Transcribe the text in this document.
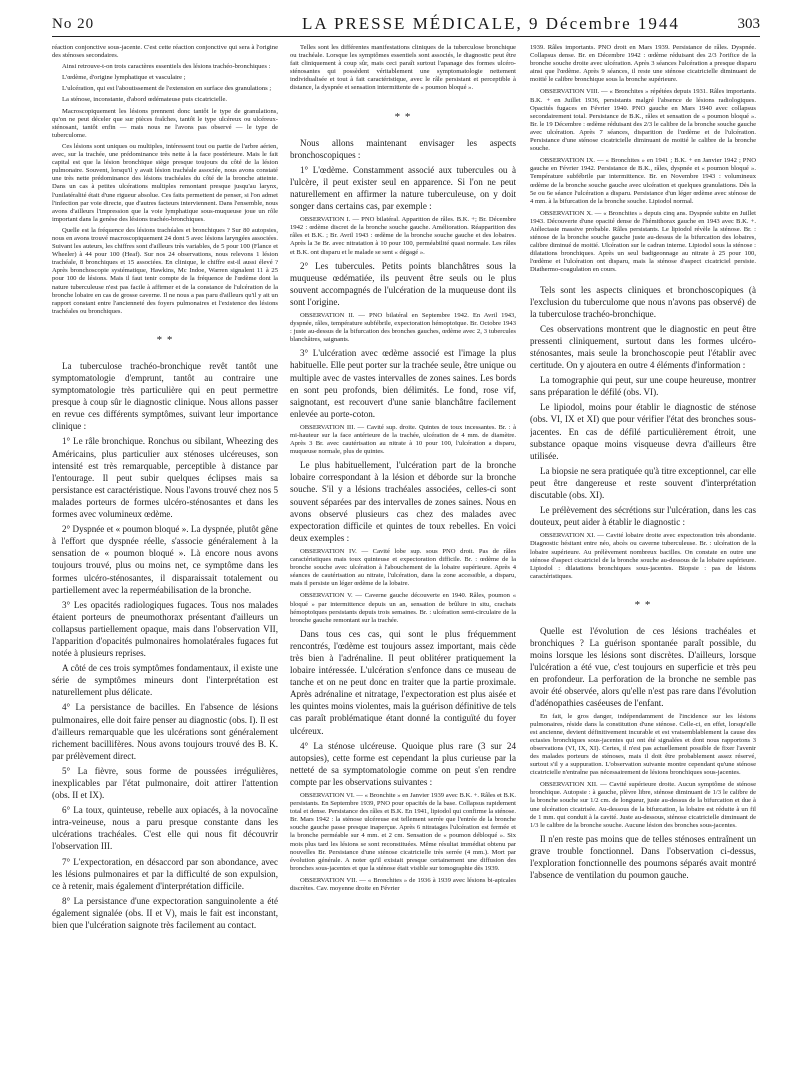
No 20	LA PRESSE MÉDICALE, 9 Décembre 1944	303

réaction conjonctive sous-jacente. C'est cette réaction conjonctive qui sera à l'origine des sténoses secondaires.

Ainsi retrouve-t-on trois caractères essentiels des lésions trachéo-bronchiques :

L'œdème, d'origine lymphatique et vasculaire ;

L'ulcération, qui est l'aboutissement de l'extension en surface des granulations ;

La sténose, inconstante, d'abord œdémateuse puis cicatricielle.

Macroscopiquement les lésions prennent donc tantôt le type de granulations, qu'on ne peut déceler que sur pièces fraîches, tantôt le type ulcéreux ou ulcéreux-sténosant, tantôt enfin — mais nous ne l'avons pas observé — le type de tuberculome.

Ces lésions sont uniques ou multiples, intéressent tout ou partie de l'arbre aérien, avec, sur la trachée, une prédominance très nette à la face postérieure. Mais le fait capital est que la lésion bronchique siège presque toujours du côté de la lésion pulmonaire. Souvent, lorsqu'il y avait lésion trachéale associée, nous avons constaté une très nette prédominance des lésions trachéales du côté de la bronche atteinte. Dans un cas à petites ulcérations multiples remontant presque jusqu'au larynx, l'unilatéralité était d'une rigueur absolue. Ces faits permettent de penser, si l'on admet l'infection par voie directe, que d'autres facteurs interviennent. Dans l'ensemble, nous avons d'ailleurs l'impression que la voie lymphatique sous-muqueuse joue un rôle important dans la genèse des lésions trachéo-bronchiques.

Quelle est la fréquence des lésions trachéales et bronchiques ? Sur 80 autopsies, nous en avons trouvé macroscopiquement 24 dont 5 avec lésions laryngées associées. Suivant les auteurs, les chiffres sont d'ailleurs très variables, de 5 pour 100 (Flance et Wheeler) à 44 pour 100 (Heaf). Sur nos 24 observations, nous relevons 1 lésion trachéale, 8 bronchiques et 15 associées. En clinique, le chiffre est-il aussi élevé ? Après bronchoscopie systématique, Hawkins, Mc Indoe, Warren signalent 11 à 25 pour 100 de lésions. Mais il faut tenir compte de la fréquence de l'œdème dont la nature tuberculeuse n'est pas facile à affirmer et de la constance de l'ulcération de la bronche lobaire en cas de grosse caverne. Il ne nous a pas paru d'ailleurs qu'il y ait un rapport constant entre l'ancienneté des foyers pulmonaires et l'existence des lésions trachéales ou bronchiques.

* *

La tuberculose trachéo-bronchique revêt tantôt une symptomatologie d'emprunt, tantôt au contraire une symptomatologie très particulière qui en peut permettre presque à coup sûr le diagnostic clinique. Nous allons passer en revue ces différents symptômes, suivant leur importance clinique :

1° Le râle bronchique. Ronchus ou sibilant, Wheezing des Américains, plus particulier aux sténoses ulcéreuses, son intensité est très remarquable, perceptible à distance par l'entourage. Il peut subir quelques éclipses mais sa persistance est caractéristique. Nous l'avons trouvé chez nos 5 malades porteurs de formes ulcéro-sténosantes et dans les formes avec volumineux œdème.

2° Dyspnée et « poumon bloqué ». La dyspnée, plutôt gêne à l'effort que dyspnée réelle, s'associe généralement à la sensation de « poumon bloqué ». Là encore nous avons toujours trouvé, plus ou moins net, ce symptôme dans les formes ulcéro-sténosantes, il disparaissait totalement ou partiellement avec la reperméabilisation de la bronche.

3° Les opacités radiologiques fugaces. Tous nos malades étaient porteurs de pneumothorax présentant d'ailleurs un collapsus partiellement opaque, mais dans l'observation VII, l'apparition d'opacités pulmonaires homolatérales fugaces fut notée à plusieurs reprises.

A côté de ces trois symptômes fondamentaux, il existe une série de symptômes mineurs dont l'interprétation est naturellement plus délicate.

4° La persistance de bacilles. En l'absence de lésions pulmonaires, elle doit faire penser au diagnostic (obs. I). Il est d'ailleurs remarquable que les ulcérations sont généralement richement bacillifères. Nous avons toujours trouvé des B. K. par prélèvement direct.

5° La fièvre, sous forme de poussées irrégulières, inexplicables par l'état pulmonaire, doit attirer l'attention (obs. II et IX).

6° La toux, quinteuse, rebelle aux opiacés, à la novocaïne intra-veineuse, nous a paru presque constante dans les ulcérations trachéales. C'est elle qui nous fit découvrir l'observation III.

7° L'expectoration, en désaccord par son abondance, avec les lésions pulmonaires et par la difficulté de son expulsion, ce à retenir, mais également d'interprétation difficile.

8° La persistance d'une expectoration sanguinolente a été également signalée (obs. II et V), mais le fait est inconstant, bien que l'ulcération saignote très facilement au contact.

Telles sont les différentes manifestations cliniques de la tuberculose bronchique ou trachéale. Lorsque les symptômes essentiels sont associés, le diagnostic peut être fait cliniquement à coup sûr, mais ceci paraît surtout l'apanage des formes ulcéro-sténosantes qui possèdent véritablement une symptomatologie nettement individualisée et tout à fait caractéristique, avec le râle persistant et perceptible à distance, la dyspnée et sensation intermittente de « poumon bloqué ».

* *

Nous allons maintenant envisager les aspects bronchoscopiques :

1° L'œdème. Constamment associé aux tubercules ou à l'ulcère, il peut exister seul en apparence. Si l'on ne peut naturellement en affirmer la nature tuberculeuse, on y doit songer dans certains cas, par exemple :

OBSERVATION I. — PNO bilatéral. Apparition de râles. B.K. +; Br. Décembre 1942 : œdème discret de la bronche souche gauche. Amélioration. Réapparition des râles et B.K. ; Br. Avril 1943 : œdème de la bronche souche gauche et des lobaires. Après la 3e Br. avec nitratation à 10 pour 100, perméabilité quasi normale. Les râles et B.K. ont disparu et le malade se sent « dégagé ».

2° Les tubercules. Petits points blanchâtres sous la muqueuse œdématiée, ils peuvent être seuls ou le plus souvent accompagnés de l'ulcération de la muqueuse dont ils sont l'origine.

OBSERVATION II. — PNO bilatéral en Septembre 1942. En Avril 1943, dyspnée, râles, température subfébrile, expectoration hémoptoïque. Br. Octobre 1943 : juste au-dessus de la bifurcation des bronches gauches, œdème avec 2, 3 tubercules blanchâtres, saignants.

3° L'ulcération avec œdème associé est l'image la plus habituelle. Elle peut porter sur la trachée seule, être unique ou multiple avec de vastes intervalles de zones saines. Les bords en sont peu profonds, bien délimités. Le fond, rose vif, saignotant, est recouvert d'une sanie blanchâtre facilement enlevée au porte-coton.

OBSERVATION III. — Cavité sup. droite. Quintes de toux incessantes. Br. : à mi-hauteur sur la face antérieure de la trachée, ulcération de 4 mm. de diamètre. Après 3 Br. avec cautérisation au nitrate à 10 pour 100, l'ulcération a disparu, muqueuse normale, plus de quintes.

Le plus habituellement, l'ulcération part de la bronche lobaire correspondant à la lésion et déborde sur la bronche souche. S'il y a lésions trachéales associées, celles-ci sont souvent séparées par des intervalles de zones saines. Nous en avons observé plusieurs cas chez des malades avec expectoration difficile et quintes de toux rebelles. En voici deux exemples :

OBSERVATION IV. — Cavité lobe sup. sous PNO droit. Pas de râles caractéristiques mais toux quinteuse et expectoration difficile. Br. : œdème de la bronche souche avec ulcération à l'abouchement de la lobaire supérieure. Après 4 séances de cautérisation au nitrate, l'ulcération, dans la zone accessible, a disparu, mais il persiste un léger œdème de la lobaire.

OBSERVATION V. — Caverne gauche découverte en 1940. Râles, poumon « bloqué » par intermittence depuis un an, sensation de brûlure in situ, crachats hémoptoïques persistants depuis trois semaines. Br. : ulcération semi-circulaire de la bronche gauche remontant sur la trachée.

Dans tous ces cas, qui sont le plus fréquemment rencontrés, l'œdème est toujours assez important, mais cède très bien à l'adrénaline. Il peut oblitérer pratiquement la lobaire intéressée. L'ulcération s'enfonce dans ce museau de tanche et on ne peut donc en traiter que la partie proximale. Après adrénaline et nitratage, l'expectoration est plus aisée et les quintes moins violentes, mais la guérison définitive de tels cas paraît problématique étant donné la contiguïté du foyer ulcéreux.

4° La sténose ulcéreuse. Quoique plus rare (3 sur 24 autopsies), cette forme est cependant la plus curieuse par la netteté de sa symptomatologie comme on peut s'en rendre compte par les observations suivantes :

OBSERVATION VI. — « Bronchite » en Janvier 1939 avec B.K. +. Râles et B.K. persistants. En Septembre 1939, PNO pour opacités de la base. Collapsus rapidement total et dense. Persistance des râles et B.K. En 1941, lipiodol qui confirme la sténose. Br. Mars 1942 : la sténose ulcéreuse est tellement serrée que l'entrée de la bronche souche gauche passe presque inaperçue. Après 6 nitratages l'ulcération est fermée et la bronche perméable sur 4 mm. et 2 cm. Sensation de « poumon débloqué ». Six mois plus tard les lésions se sont reconstituées. Même résultat immédiat obtenu par nouvelles Br. Persistance d'une sténose cicatricielle très serrée (4 mm.). Mort par évolution générale. A noter qu'il existait presque certainement une diffusion des bronches sous-jacentes et que la sténose était visible sur tomographie dès 1939.

OBSERVATION VII. — « Bronchites » de 1936 à 1939 avec lésions bi-apicales discrètes. Cav. moyenne droite en Février

1939. Râles importants. PNO droit en Mars 1939. Persistance de râles. Dyspnée. Collapsus dense. Br. en Décembre 1942 : œdème réduisant des 2/3 l'orifice de la bronche souche droite avec ulcération. Après 3 séances l'ulcération a presque disparu ainsi que l'œdème. Après 9 séances, il reste une sténose cicatricielle diminuant de moitié le calibre bronchique sous la bronche supérieure.

OBSERVATION VIII. — « Bronchites » répétées depuis 1931. Râles importants. B.K. + en Juillet 1936, persistants malgré l'absence de lésions radiologiques. Opacités fugaces en Février 1940. PNO gauche en Mars 1940 avec collapsus secondairement total. Persistance de B.K., râles et sensation de « poumon bloqué ». Br. le 19 Décembre : œdème réduisant des 2/3 le calibre de la bronche souche gauche avec ulcération. Après 7 séances, disparition de l'œdème et de l'ulcération. Persistance d'une sténose cicatricielle diminuant de moitié le calibre de la bronche souche.

OBSERVATION IX. — « Bronchites » en 1941 ; B.K. + en Janvier 1942 ; PNO gauche en Février 1942. Persistance de B.K., râles, dyspnée et « poumon bloqué ». Température subfébrile par intermittence. Br. en Novembre 1943 : volumineux œdème de la bronche souche gauche avec ulcération et quelques granulations. Dès la 5e ou 6e séance l'ulcération a disparu. Persistance d'un léger œdème avec sténose de 4 mm. à la bifurcation de la bronche souche. Lipiodol normal.

OBSERVATION X. — « Bronchites » depuis cinq ans. Dyspnée subite en Juillet 1943. Découverte d'une opacité dense de l'hémithorax gauche en 1943 avec B.K. +. Atélectasie massive probable. Râles persistants. Le lipiodol révèle la sténose. Br. : sténose de la bronche souche gauche juste au-dessus de la bifurcation des lobaires, calibre diminué de moitié. Ulcération sur le cadran interne. Lipiodol sous la sténose : dilatations bronchiques. Après un seul badigeonnage au nitrate à 25 pour 100, l'œdème et l'ulcération ont disparu, mais la sténose d'aspect cicatriciel persiste. Diathermo-coagulation en cours.

Tels sont les aspects cliniques et bronchoscopiques (à l'exclusion du tuberculome que nous n'avons pas observé) de la tuberculose trachéo-bronchique.

Ces observations montrent que le diagnostic en peut être pressenti cliniquement, surtout dans les formes ulcéro-sténosantes, mais seule la bronchoscopie peut l'établir avec certitude. On y ajoutera en outre 4 éléments d'information :

La tomographie qui peut, sur une coupe heureuse, montrer sans préparation le défilé (obs. VI).

Le lipiodol, moins pour établir le diagnostic de sténose (obs. VI, IX et XI) que pour vérifier l'état des bronches sous-jacentes. En cas de défilé particulièrement étroit, une substance opaque moins visqueuse devra d'ailleurs être utilisée.

La biopsie ne sera pratiquée qu'à titre exceptionnel, car elle peut être dangereuse et reste souvent d'interprétation discutable (obs. XI).

Le prélèvement des sécrétions sur l'ulcération, dans les cas douteux, peut aider à établir le diagnostic :

OBSERVATION XI. — Cavité lobaire droite avec expectoration très abondante. Diagnostic hésitant entre néo, abcès ou caverne tuberculeuse. Br. : ulcération de la lobaire supérieure. Au prélèvement nombreux bacilles. On constate en outre une sténose d'aspect cicatriciel de la bronche souche au-dessous de la lobaire supérieure. Lipiodol : dilatations bronchiques sous-jacentes. Biopsie : pas de lésions caractéristiques.

* *

Quelle est l'évolution de ces lésions trachéales et bronchiques ? La guérison spontanée paraît possible, du moins lorsque les lésions sont discrètes. D'ailleurs, lorsque l'ulcération a été vue, c'est toujours en superficie et très peu en profondeur. La perforation de la bronche ne semble pas avoir été observée, alors qu'elle n'est pas rare dans l'évolution d'adénopathies caséeuses de l'enfant.

En fait, le gros danger, indépendamment de l'incidence sur les lésions pulmonaires, réside dans la constitution d'une sténose. Celle-ci, en effet, lorsqu'elle est ancienne, devient définitivement incurable et est vraisemblablement la cause des ectasies bronchiques sous-jacentes qui ont été signalées et dont nous rapportons 3 observations (VI, IX, XI). Certes, il n'est pas actuellement possible de fixer l'avenir des malades porteurs de sténoses, mais il doit être probablement assez réservé, surtout s'il y a suppuration. L'observation suivante montre cependant qu'une sténose cicatricielle n'entraîne pas nécessairement de lésions bronchiques sous-jacentes.

OBSERVATION XII. — Cavité supérieure droite. Aucun symptôme de sténose bronchique. Autopsie : à gauche, plèvre libre, sténose diminuant de 1/3 le calibre de la bronche souche sur 1/2 cm. de longueur, juste au-dessus de la bifurcation et due à une ulcération cicatrisée. Au-dessous de la bifurcation, la lobaire est réduite à un fil de 1 mm. qui conduit à la cavité. Juste au-dessous, sténose cicatricielle diminuant de 1/3 le calibre de la bronche souche. Aucune lésion des bronches sous-jacentes.

Il n'en reste pas moins que de telles sténoses entraînent un grave trouble fonctionnel. Dans l'observation ci-dessus, l'exploration fonctionnelle des poumons séparés avait montré l'absence de ventilation du poumon gauche.
